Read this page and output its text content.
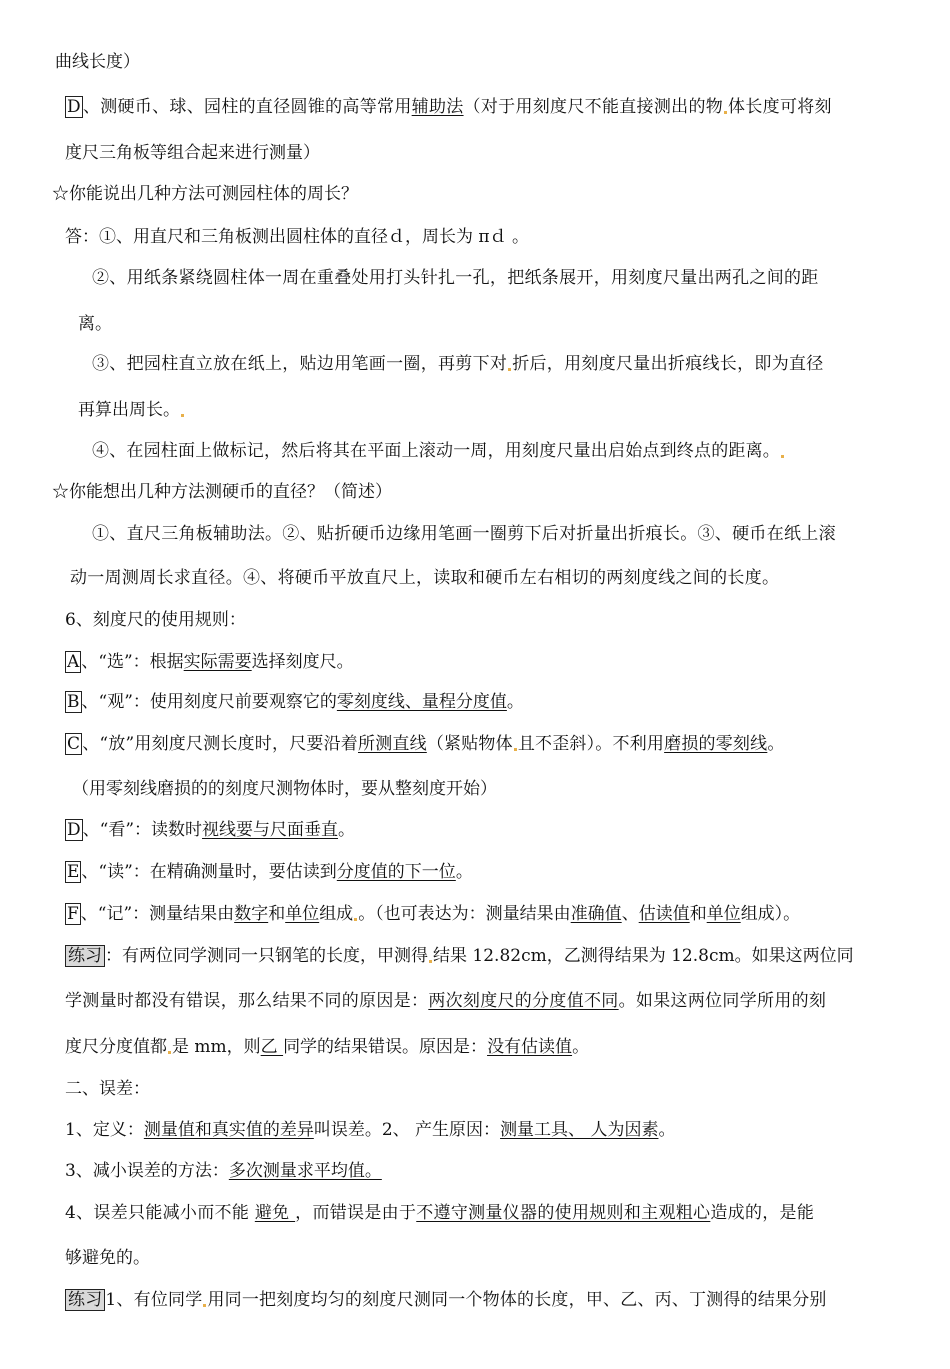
曲线长度）
D 、测硬币、球、园柱的直径圆锥的高等常用辅助法（对于用刻度尺不能直接测出的物 体长度可将刻
度尺三角板等组合起来进行测量）
☆你能说出几种方法可测园柱体的周长？
答：①、用直尺和三角板测出圆柱体的直径ｄ，周长为 πｄ 。
②、用纸条紧绕圆柱体一周在重叠处用打头针扎一孔，把纸条展开，用刻度尺量出两孔之间的距
离。
③、把园柱直立放在纸上，贴边用笔画一圈，再剪下对 折后，用刻度尺量出折痕线长，即为直径
再算出周长。
④、在园柱面上做标记，然后将其在平面上滚动一周，用刻度尺量出启始点到终点的距离。
☆你能想出几种方法测硬币的直径？（简述）
①、直尺三角板辅助法。②、贴折硬币边缘用笔画一圈剪下后对折量出折痕长。③、硬币在纸上滚
动一周测周长求直径。④、将硬币平放直尺上，读取和硬币左右相切的两刻度线之间的长度。
6、刻度尺的使用规则：
A 、“选”：根据实际需要选择刻度尺。
B 、“观”：使用刻度尺前要观察它的零刻度线、量程分度值。
C 、“放”用刻度尺测长度时，尺要沿着所测直线（紧贴物体 且不歪斜）。不利用磨损的零刻线。
（用零刻线磨损的的刻度尺测物体时，要从整刻度开始）
D 、“看”：读数时视线要与尺面垂直。
E 、“读”：在精确测量时，要估读到分度值的下一位。
F 、“记”：测量结果由数字和单位组成 。（也可表达为：测量结果由准确值、估读值和单位组成）。
练习 ：有两位同学测同一只钢笔的长度，甲测得 结果 12.82cm，乙测得结果为 12.8cm。如果这两位同
学测量时都没有错误，那么结果不同的原因是：两次刻度尺的分度值不同。如果这两位同学所用的刻
度尺分度值都 是 mm，则乙 同学的结果错误。原因是：没有估读值。
二、误差：
1、定义：测量值和真实值的差异叫误差。2、 产生原因：测量工具、 人为因素。
3、减小误差的方法：多次测量求平均值。
4、误差只能减小而不能 避免 ，而错误是由于不遵守测量仪器的使用规则和主观粗心造成的，是能
够避免的。
练习 1、有位同学 用同一把刻度均匀的刻度尺测同一个物体的长度，甲、乙、丙、丁测得的结果分别
